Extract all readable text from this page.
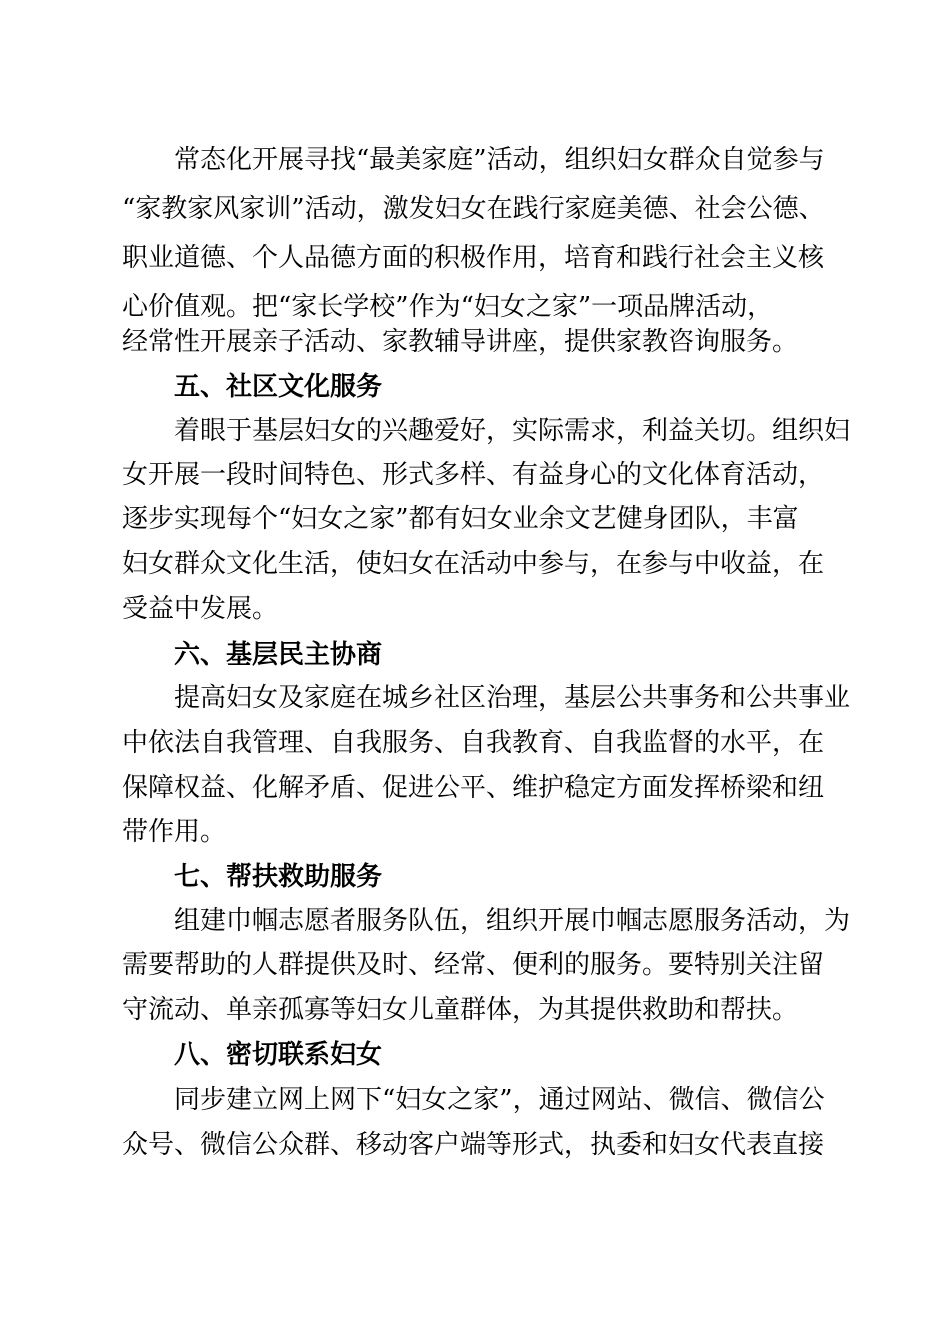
　　常态化开展寻找“最美家庭”活动，组织妇女群众自觉参与

“家教家风家训”活动，激发妇女在践行家庭美德、社会公德、

职业道德、个人品德方面的积极作用，培育和践行社会主义核

心价值观。把“家长学校”作为“妇女之家”一项品牌活动，

经常性开展亲子活动、家教辅导讲座，提供家教咨询服务。

　　五、社区文化服务

　　着眼于基层妇女的兴趣爱好，实际需求，利益关切。组织妇

女开展一段时间特色、形式多样、有益身心的文化体育活动，

逐步实现每个“妇女之家”都有妇女业余文艺健身团队，丰富

妇女群众文化生活，使妇女在活动中参与，在参与中收益，在

受益中发展。

　　六、基层民主协商

　　提高妇女及家庭在城乡社区治理，基层公共事务和公共事业

中依法自我管理、自我服务、自我教育、自我监督的水平，在

保障权益、化解矛盾、促进公平、维护稳定方面发挥桥梁和纽

带作用。

　　七、帮扶救助服务

　　组建巾帼志愿者服务队伍，组织开展巾帼志愿服务活动，为

需要帮助的人群提供及时、经常、便利的服务。要特别关注留

守流动、单亲孤寡等妇女儿童群体，为其提供救助和帮扶。

　　八、密切联系妇女

　　同步建立网上网下“妇女之家”，通过网站、微信、微信公

众号、微信公众群、移动客户端等形式，执委和妇女代表直接
